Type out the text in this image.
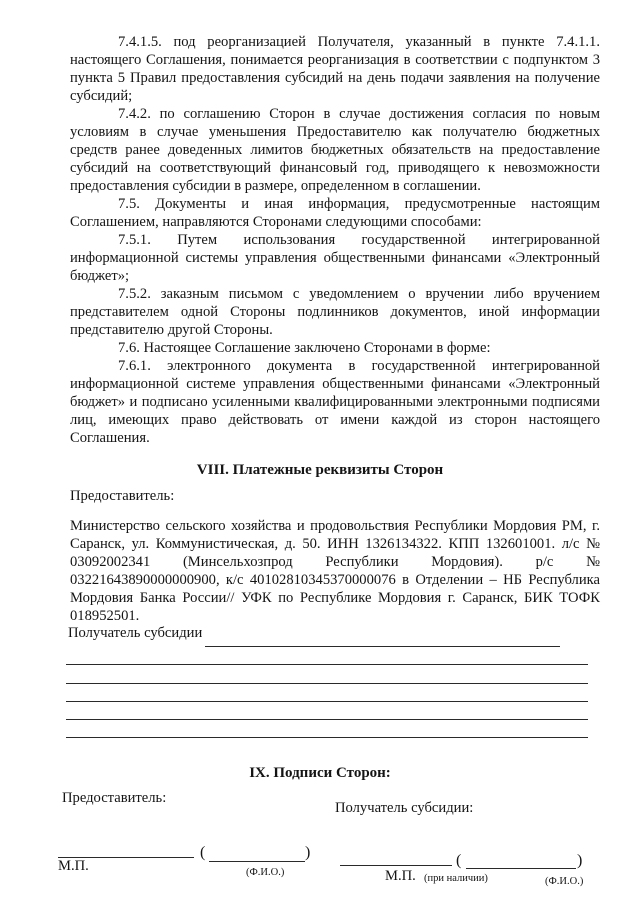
7.4.1.5. под реорганизацией Получателя, указанный в пункте 7.4.1.1. настоящего Соглашения, понимается реорганизация в соответствии с подпунктом 3 пункта 5 Правил предоставления субсидий на день подачи заявления на получение субсидий;

7.4.2. по соглашению Сторон в случае достижения согласия по новым условиям в случае уменьшения Предоставителю как получателю бюджетных средств ранее доведенных лимитов бюджетных обязательств на предоставление субсидий на соответствующий финансовый год, приводящего к невозможности предоставления субсидии в размере, определенном в соглашении.

7.5. Документы и иная информация, предусмотренные настоящим Соглашением, направляются Сторонами следующими способами:

7.5.1. Путем использования государственной интегрированной информационной системы управления общественными финансами «Электронный бюджет»;

7.5.2. заказным письмом с уведомлением о вручении либо вручением представителем одной Стороны подлинников документов, иной информации представителю другой Стороны.

7.6. Настоящее Соглашение заключено Сторонами в форме:

7.6.1. электронного документа в государственной интегрированной информационной системе управления общественными финансами «Электронный бюджет» и подписано усиленными квалифицированными электронными подписями лиц, имеющих право действовать от имени каждой из сторон настоящего Соглашения.

VIII. Платежные реквизиты Сторон

Предоставитель:

Министерство сельского хозяйства и продовольствия Республики Мордовия РМ, г. Саранск, ул. Коммунистическая, д. 50. ИНН 1326134322. КПП 132601001. л/с № 03092002341 (Минсельхозпрод Республики Мордовия). р/с № 03221643890000000900, к/с 40102810345370000076 в Отделении – НБ Республика Мордовия Банка России// УФК по Республике Мордовия г. Саранск, БИК ТОФК 018952501.

Получатель субсидии

IX. Подписи Сторон:

Предоставитель:
Получатель субсидии:
(	)
М.П.	(Ф.И.О.)
(	)
М.П. (при наличии)	(Ф.И.О.)
